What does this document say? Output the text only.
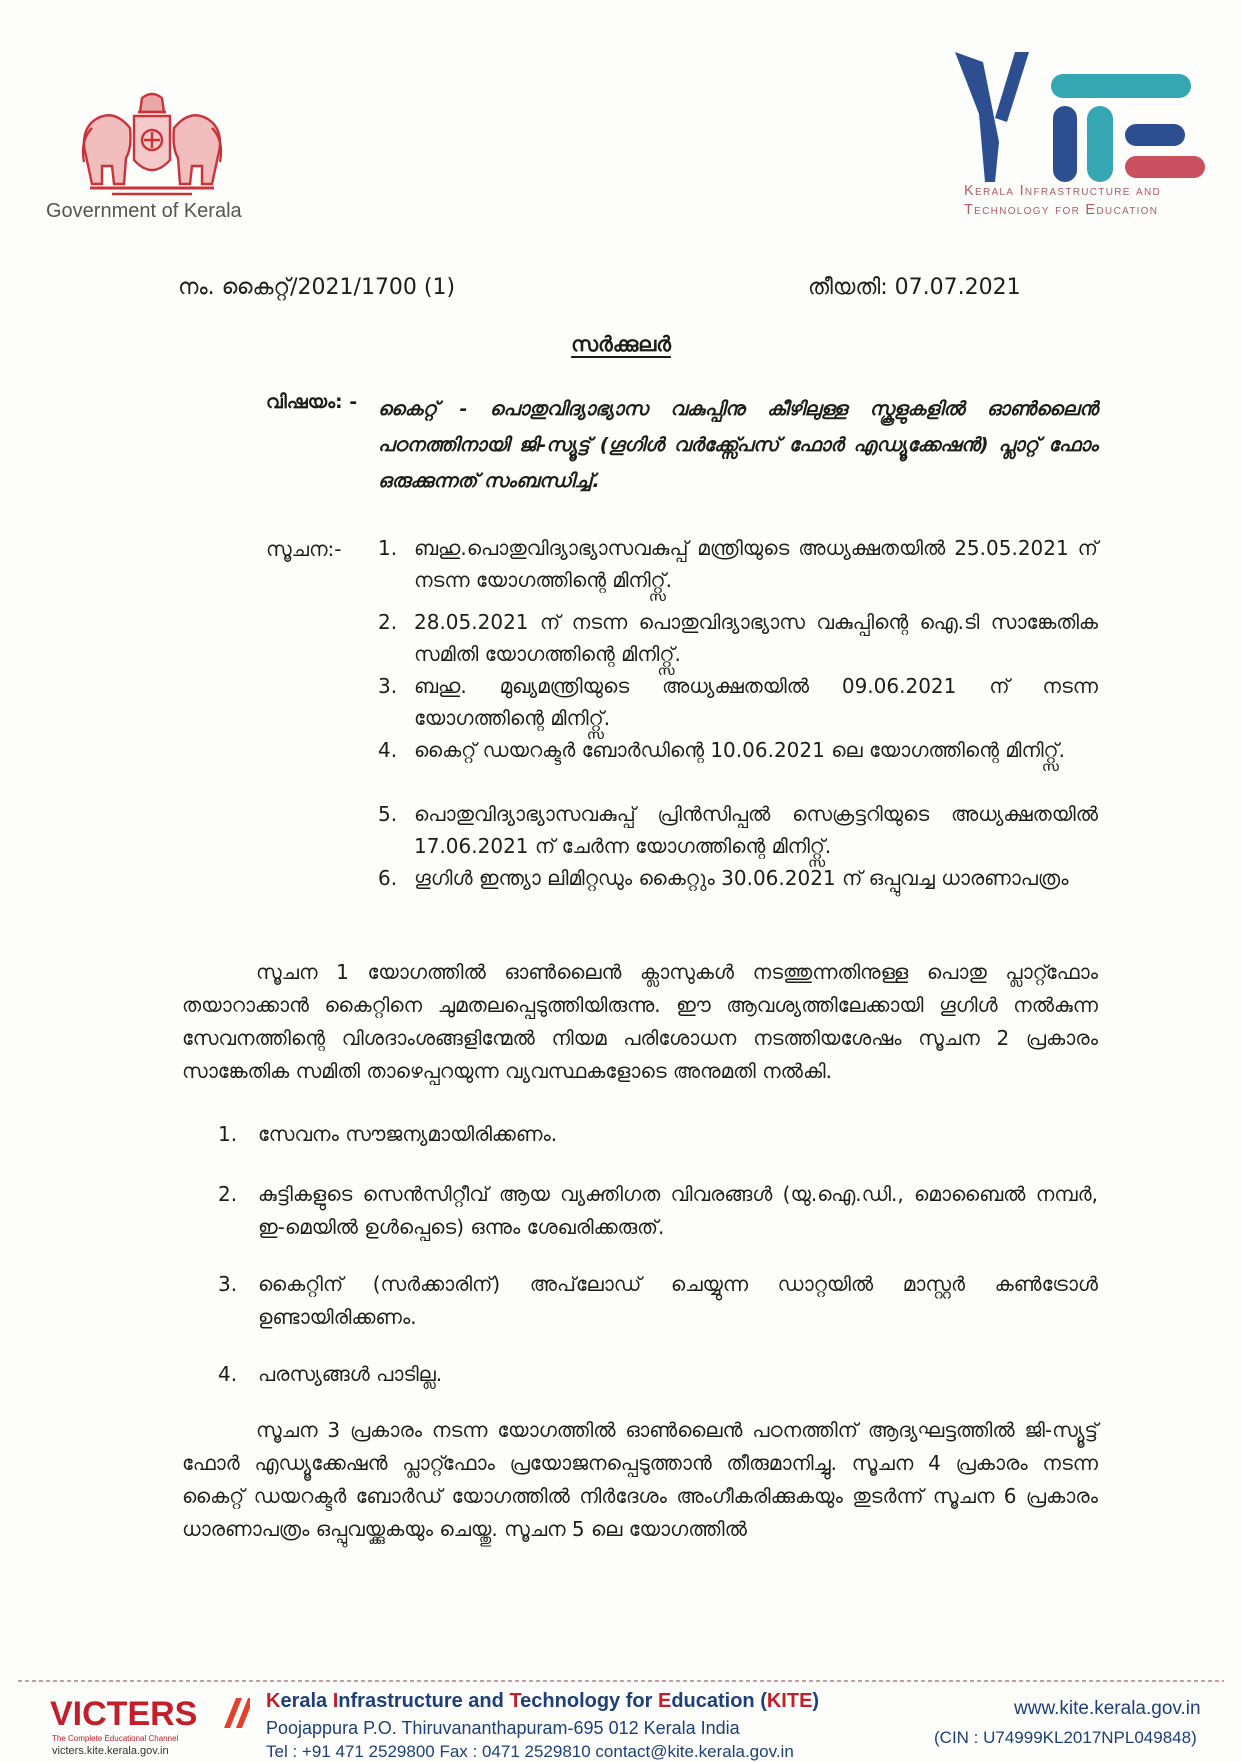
Government of Kerala
Kerala Infrastructure and
Technology for Education
നം. കൈറ്റ്/2021/1700 (1)	തീയതി: 07.07.2021
സർക്കുലർ
വിഷയം: - കൈറ്റ് - പൊതുവിദ്യാഭ്യാസ വകുപ്പിനു കീഴിലുള്ള സ്കൂളുകളിൽ ഓൺലൈൻ പഠനത്തിനായി ജി-സ്യൂട്ട് (ഗൂഗിൾ വർക്ക്സ്പേസ് ഫോർ എഡ്യൂക്കേഷൻ) പ്ലാറ്റ് ഫോം ഒരുക്കുന്നത് സംബന്ധിച്ച്.
സൂചന:- 1. ബഹു.പൊതുവിദ്യാഭ്യാസവകുപ്പ് മന്ത്രിയുടെ അധ്യക്ഷതയിൽ 25.05.2021 ന് നടന്ന യോഗത്തിന്റെ മിനിറ്റ്സ്.
2. 28.05.2021 ന് നടന്ന പൊതുവിദ്യാഭ്യാസ വകുപ്പിന്റെ ഐ.ടി സാങ്കേതിക സമിതി യോഗത്തിന്റെ മിനിറ്റ്സ്.
3. ബഹു. മുഖ്യമന്ത്രിയുടെ അധ്യക്ഷതയിൽ 09.06.2021 ന് നടന്ന യോഗത്തിന്റെ മിനിറ്റ്സ്.
4. കൈറ്റ് ഡയറക്ടർ ബോർഡിന്റെ 10.06.2021 ലെ യോഗത്തിന്റെ മിനിറ്റ്സ്.
5. പൊതുവിദ്യാഭ്യാസവകുപ്പ് പ്രിൻസിപ്പൽ സെക്രട്ടറിയുടെ അധ്യക്ഷതയിൽ 17.06.2021 ന് ചേർന്ന യോഗത്തിന്റെ മിനിറ്റ്സ്.
6. ഗൂഗിൾ ഇന്ത്യാ ലിമിറ്റഡും കൈറ്റും 30.06.2021 ന് ഒപ്പുവച്ച ധാരണാപത്രം
സൂചന 1 യോഗത്തിൽ ഓൺലൈൻ ക്ലാസുകൾ നടത്തുന്നതിനുള്ള പൊതു പ്ലാറ്റ്ഫോം തയാറാക്കാൻ കൈറ്റിനെ ചുമതലപ്പെടുത്തിയിരുന്നു. ഈ ആവശ്യത്തിലേക്കായി ഗൂഗിൾ നൽകുന്ന സേവനത്തിന്റെ വിശദാംശങ്ങളിന്മേൽ നിയമ പരിശോധന നടത്തിയശേഷം സൂചന 2 പ്രകാരം സാങ്കേതിക സമിതി താഴെപ്പറയുന്ന വ്യവസ്ഥകളോടെ അനുമതി നൽകി.
1. സേവനം സൗജന്യമായിരിക്കണം.
2. കുട്ടികളുടെ സെൻസിറ്റീവ് ആയ വ്യക്തിഗത വിവരങ്ങൾ (യു.ഐ.ഡി., മൊബൈൽ നമ്പർ, ഇ-മെയിൽ ഉൾപ്പെടെ) ഒന്നും ശേഖരിക്കരുത്.
3. കൈറ്റിന് (സർക്കാരിന്) അപ്‌ലോഡ് ചെയ്യുന്ന ഡാറ്റയിൽ മാസ്റ്റർ കൺട്രോൾ ഉണ്ടായിരിക്കണം.
4. പരസ്യങ്ങൾ പാടില്ല.
സൂചന 3 പ്രകാരം നടന്ന യോഗത്തിൽ ഓൺലൈൻ പഠനത്തിന് ആദ്യഘട്ടത്തിൽ ജി-സ്യൂട്ട് ഫോർ എഡ്യൂക്കേഷൻ പ്ലാറ്റ്ഫോം പ്രയോജനപ്പെടുത്താൻ തീരുമാനിച്ചു. സൂചന 4 പ്രകാരം നടന്ന കൈറ്റ് ഡയറക്ടർ ബോർഡ് യോഗത്തിൽ നിർദേശം അംഗീകരിക്കുകയും തുടർന്ന് സൂചന 6 പ്രകാരം ധാരണാപത്രം ഒപ്പുവയ്ക്കുകയും ചെയ്തു. സൂചന 5 ലെ യോഗത്തിൽ
VICTERS
The Complete Educational Channel
victers.kite.kerala.gov.in
Kerala Infrastructure and Technology for Education (KITE)
Poojappura P.O. Thiruvananthapuram-695 012 Kerala India
Tel : +91 471 2529800 Fax : 0471 2529810 contact@kite.kerala.gov.in
www.kite.kerala.gov.in
(CIN : U74999KL2017NPL049848)
